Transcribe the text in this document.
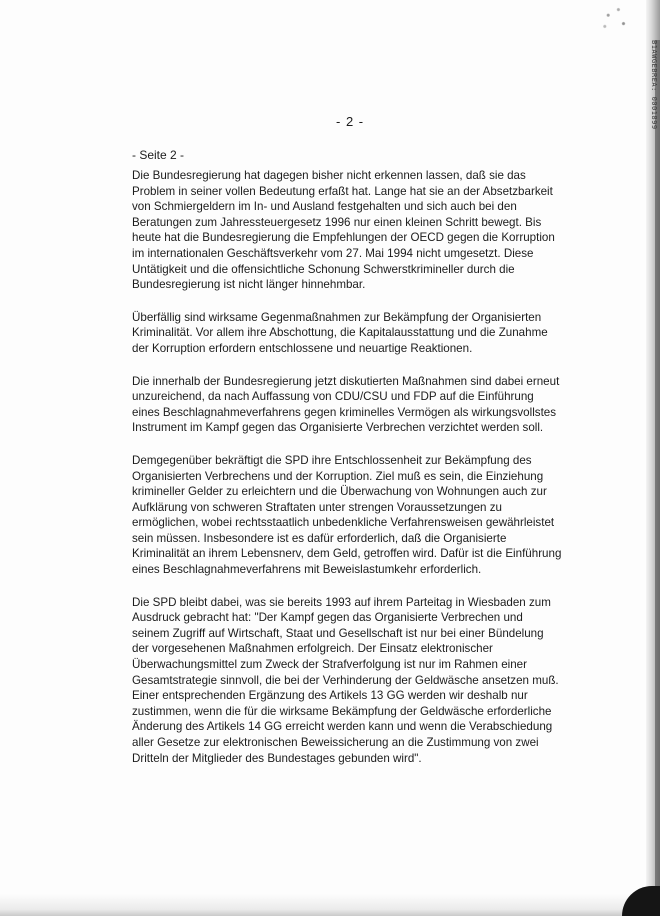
B1AWGEBREA: 0001899
- 2 -
- Seite 2 -

Die Bundesregierung hat dagegen bisher nicht erkennen lassen, daß sie das
Problem in seiner vollen Bedeutung erfaßt hat. Lange hat sie an der Absetzbarkeit
von Schmiergeldern im In- und Ausland festgehalten und sich auch bei den
Beratungen zum Jahressteuergesetz 1996 nur einen kleinen Schritt bewegt. Bis
heute hat die Bundesregierung die Empfehlungen der OECD gegen die Korruption
im internationalen Geschäftsverkehr vom 27. Mai 1994 nicht umgesetzt. Diese
Untätigkeit und die offensichtliche Schonung Schwerstkrimineller durch die
Bundesregierung ist nicht länger hinnehmbar.

Überfällig sind wirksame Gegenmaßnahmen zur Bekämpfung der Organisierten
Kriminalität. Vor allem ihre Abschottung, die Kapitalausstattung und die Zunahme
der Korruption erfordern entschlossene und neuartige Reaktionen.

Die innerhalb der Bundesregierung jetzt diskutierten Maßnahmen sind dabei erneut
unzureichend, da nach Auffassung von CDU/CSU und FDP auf die Einführung
eines Beschlagnahmeverfahrens gegen kriminelles Vermögen als wirkungsvollstes
Instrument im Kampf gegen das Organisierte Verbrechen verzichtet werden soll.

Demgegenüber bekräftigt die SPD ihre Entschlossenheit zur Bekämpfung des
Organisierten Verbrechens und der Korruption. Ziel muß es sein, die Einziehung
krimineller Gelder zu erleichtern und die Überwachung von Wohnungen auch zur
Aufklärung von schweren Straftaten unter strengen Voraussetzungen zu
ermöglichen, wobei rechtsstaatlich unbedenkliche Verfahrensweisen gewährleistet
sein müssen. Insbesondere ist es dafür erforderlich, daß die Organisierte
Kriminalität an ihrem Lebensnerv, dem Geld, getroffen wird. Dafür ist die Einführung
eines Beschlagnahmeverfahrens mit Beweislastumkehr erforderlich.

Die SPD bleibt dabei, was sie bereits 1993 auf ihrem Parteitag in Wiesbaden zum
Ausdruck gebracht hat: "Der Kampf gegen das Organisierte Verbrechen und
seinem Zugriff auf Wirtschaft, Staat und Gesellschaft ist nur bei einer Bündelung
der vorgesehenen Maßnahmen erfolgreich. Der Einsatz elektronischer
Überwachungsmittel zum Zweck der Strafverfolgung ist nur im Rahmen einer
Gesamtstrategie sinnvoll, die bei der Verhinderung der Geldwäsche ansetzen muß.
Einer entsprechenden Ergänzung des Artikels 13 GG werden wir deshalb nur
zustimmen, wenn die für die wirksame Bekämpfung der Geldwäsche erforderliche
Änderung des Artikels 14 GG erreicht werden kann und wenn die Verabschiedung
aller Gesetze zur elektronischen Beweissicherung an die Zustimmung von zwei
Dritteln der Mitglieder des Bundestages gebunden wird".
